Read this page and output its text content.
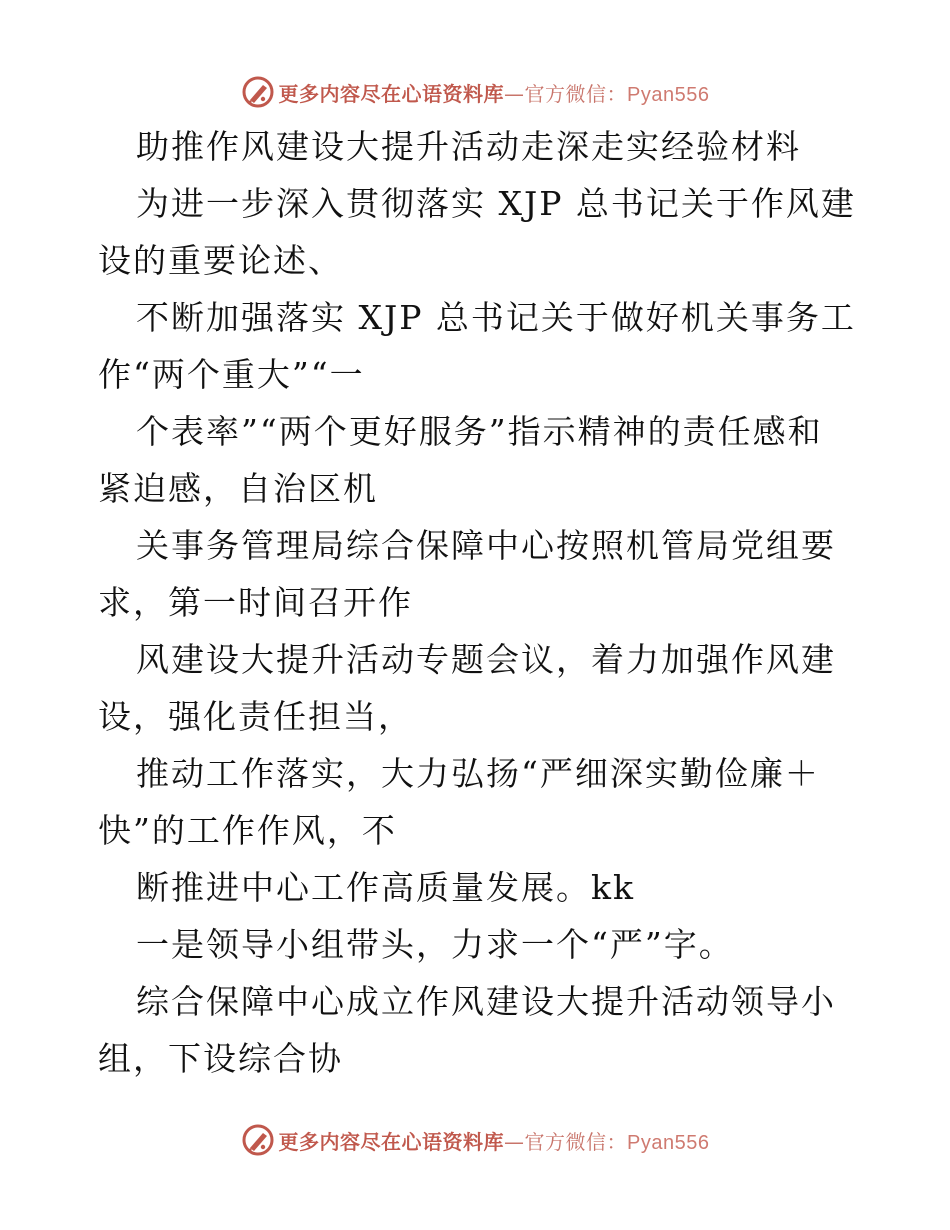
更多内容尽在心语资料库—官方微信：Pyan556
助推作风建设大提升活动走深走实经验材料
为进一步深入贯彻落实 XJP 总书记关于作风建
设的重要论述、
不断加强落实 XJP 总书记关于做好机关事务工
作“两个重大”“一
个表率”“两个更好服务”指示精神的责任感和
紧迫感，自治区机
关事务管理局综合保障中心按照机管局党组要
求，第一时间召开作
风建设大提升活动专题会议，着力加强作风建
设，强化责任担当，
推动工作落实，大力弘扬“严细深实勤俭廉＋
快”的工作作风，不
断推进中心工作高质量发展。kk
一是领导小组带头，力求一个“严”字。
综合保障中心成立作风建设大提升活动领导小
组，下设综合协
更多内容尽在心语资料库—官方微信：Pyan556
